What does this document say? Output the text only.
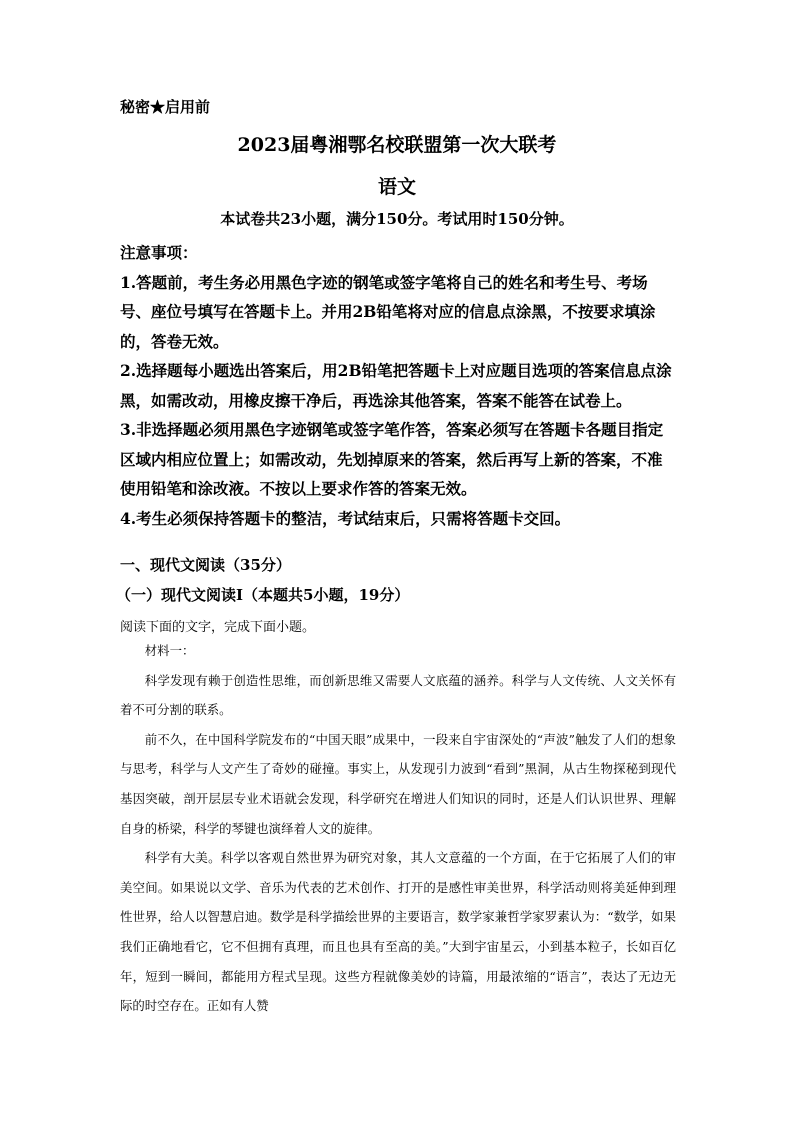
秘密★启用前
2023届粤湘鄂名校联盟第一次大联考
语文
本试卷共23小题，满分150分。考试用时150分钟。
注意事项：

1.答题前，考生务必用黑色字迹的钢笔或签字笔将自己的姓名和考生号、考场号、座位号填写在答题卡上。并用2B铅笔将对应的信息点涂黑，不按要求填涂的，答卷无效。

2.选择题每小题选出答案后，用2B铅笔把答题卡上对应题目选项的答案信息点涂黑，如需改动，用橡皮擦干净后，再选涂其他答案，答案不能答在试卷上。

3.非选择题必须用黑色字迹钢笔或签字笔作答，答案必须写在答题卡各题目指定区域内相应位置上；如需改动，先划掉原来的答案，然后再写上新的答案，不准使用铅笔和涂改液。不按以上要求作答的答案无效。

4.考生必须保持答题卡的整洁，考试结束后，只需将答题卡交回。

一、现代文阅读（35分）
（一）现代文阅读Ⅰ（本题共5小题，19分）
阅读下面的文字，完成下面小题。

材料一：

科学发现有赖于创造性思维，而创新思维又需要人文底蕴的涵养。科学与人文传统、人文关怀有着不可分割的联系。

前不久，在中国科学院发布的“中国天眼”成果中，一段来自宇宙深处的“声波”触发了人们的想象与思考，科学与人文产生了奇妙的碰撞。事实上，从发现引力波到“看到”黑洞，从古生物探秘到现代基因突破，剖开层层专业术语就会发现，科学研究在增进人们知识的同时，还是人们认识世界、理解自身的桥梁，科学的琴键也演绎着人文的旋律。

科学有大美。科学以客观自然世界为研究对象，其人文意蕴的一个方面，在于它拓展了人们的审美空间。如果说以文学、音乐为代表的艺术创作、打开的是感性审美世界，科学活动则将美延伸到理性世界，给人以智慧启迪。数学是科学描绘世界的主要语言，数学家兼哲学家罗素认为：“数学，如果我们正确地看它，它不但拥有真理，而且也具有至高的美。”大到宇宙星云，小到基本粒子，长如百亿年，短到一瞬间，都能用方程式呈现。这些方程就像美妙的诗篇，用最浓缩的“语言”，表达了无边无际的时空存在。正如有人赞
